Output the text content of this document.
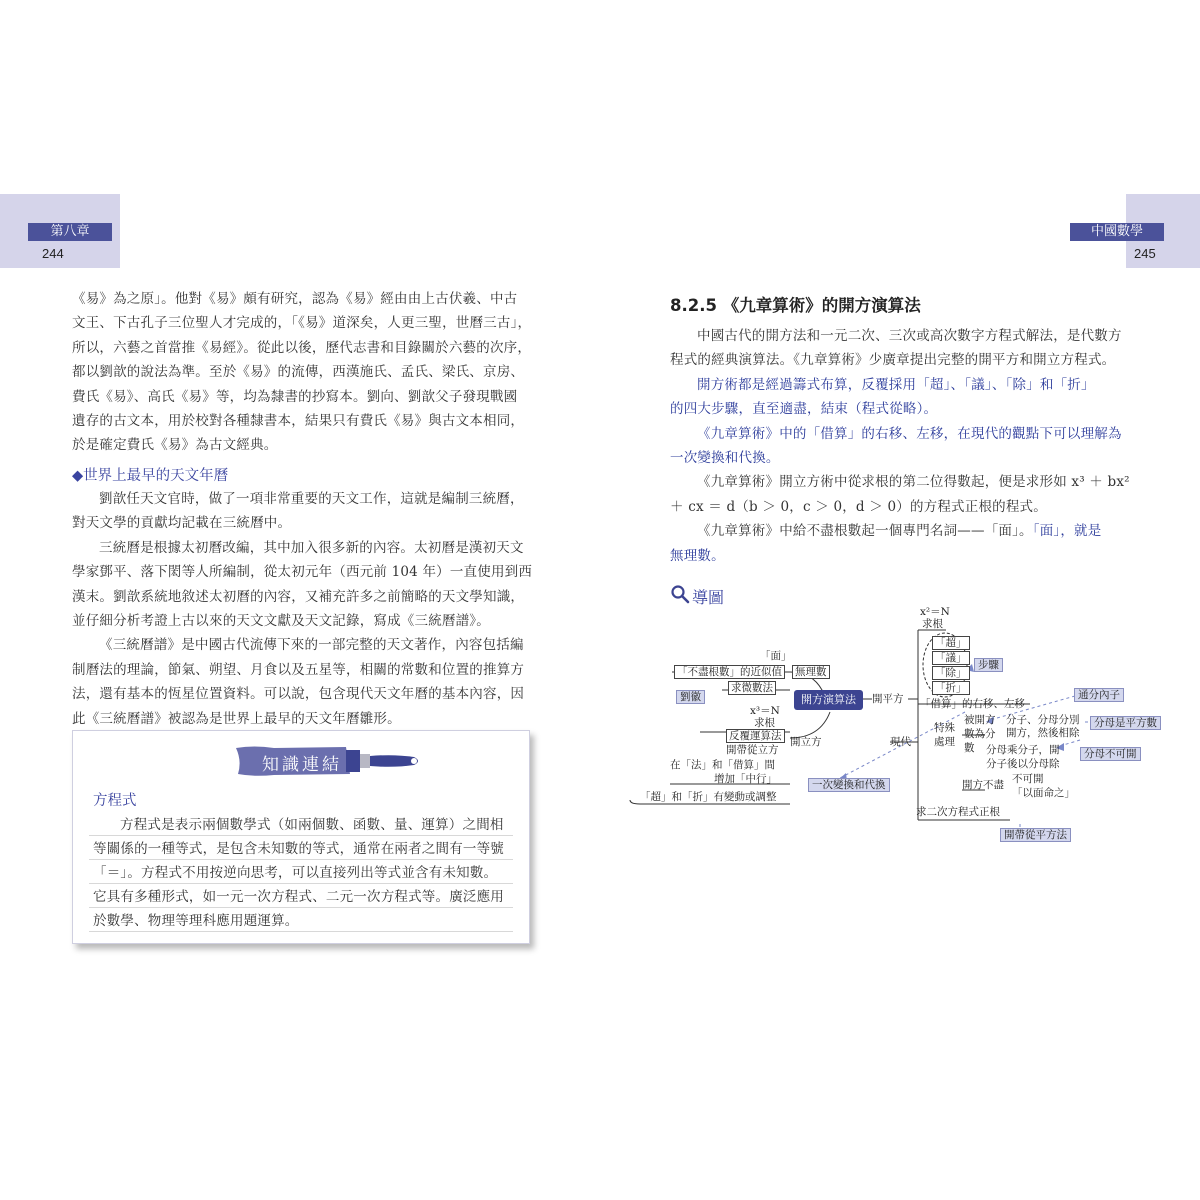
第八章
244

《易》為之原」。他對《易》頗有研究，認為《易》經由由上古伏羲、中古

文王、下古孔子三位聖人才完成的，「《易》道深矣，人更三聖，世曆三古」，

所以，六藝之首當推《易經》。從此以後，歷代志書和目錄關於六藝的次序，

都以劉歆的說法為準。至於《易》的流傳，西漢施氏、孟氏、梁氏、京房、

費氏《易》、高氏《易》等，均為隸書的抄寫本。劉向、劉歆父子發現戰國

遺存的古文本，用於校對各種隸書本，結果只有費氏《易》與古文本相同，

於是確定費氏《易》為古文經典。

◆世界上最早的天文年曆

劉歆任天文官時，做了一項非常重要的天文工作，這就是編制三統曆，

對天文學的貢獻均記載在三統曆中。

三統曆是根據太初曆改編，其中加入很多新的內容。太初曆是漢初天文

學家鄧平、落下閎等人所編制，從太初元年（西元前 104 年）一直使用到西

漢末。劉歆系統地敘述太初曆的內容，又補充許多之前簡略的天文學知識，

並仔細分析考證上古以來的天文文獻及天文記錄，寫成《三統曆譜》。

《三統曆譜》是中國古代流傳下來的一部完整的天文著作，內容包括編

制曆法的理論，節氣、朔望、月食以及五星等，相關的常數和位置的推算方

法，還有基本的恆星位置資料。可以說，包含現代天文年曆的基本內容，因

此《三統曆譜》被認為是世界上最早的天文年曆雛形。

方程式
方程式是表示兩個數學式（如兩個數、函數、量、運算）之間相
等關係的一種等式，是包含未知數的等式，通常在兩者之間有一等號
「＝」。方程式不用按逆向思考，可以直接列出等式並含有未知數。
它具有多種形式，如一元一次方程式、二元一次方程式等。廣泛應用
於數學、物理等理科應用題運算。
知識連結
中國數學
245
8.2.5 《九章算術》的開方演算法

中國古代的開方法和一元二次、三次或高次數字方程式解法，是代數方

程式的經典演算法。《九章算術》少廣章提出完整的開平方和開立方程式。

開方術都是經過籌式布算，反覆採用「超」、「議」、「除」和「折」

的四大步驟，直至適盡，結束（程式從略）。

《九章算術》中的「借算」的右移、左移，在現代的觀點下可以理解為

一次變換和代換。

《九章算術》開立方術中從求根的第二位得數起，便是求形如 x³ ＋ bx²

＋ cx ＝ d（b ＞ 0，c ＞ 0，d ＞ 0）的方程式正根的程式。

《九章算術》中給不盡根數起一個專門名詞——「面」。「面」，就是

無理數。

導圖
「面」
「不盡根數」的近似值 無理數
求微數法
劉徽	開方演算法	開平方
x³＝N
求根
反覆運算法 開立方
開帶從立方
在「法」和「借算」間
增加「中行」
「超」和「折」有變動或調整
x²＝N
求根
「超」
「議」
「除」
「折」
步驟
「借算」的右移、左移
通分內子
特殊
處理
現代
被開方
數為分
數
分子、分母分別
開方，然後相除
分母是平方數
分母乘分子，開
分子後以分母除
分母不可開
一次變換和代換	開方不盡 不可開
「以面命之」
求二次方程式正根
開帶從平方法
